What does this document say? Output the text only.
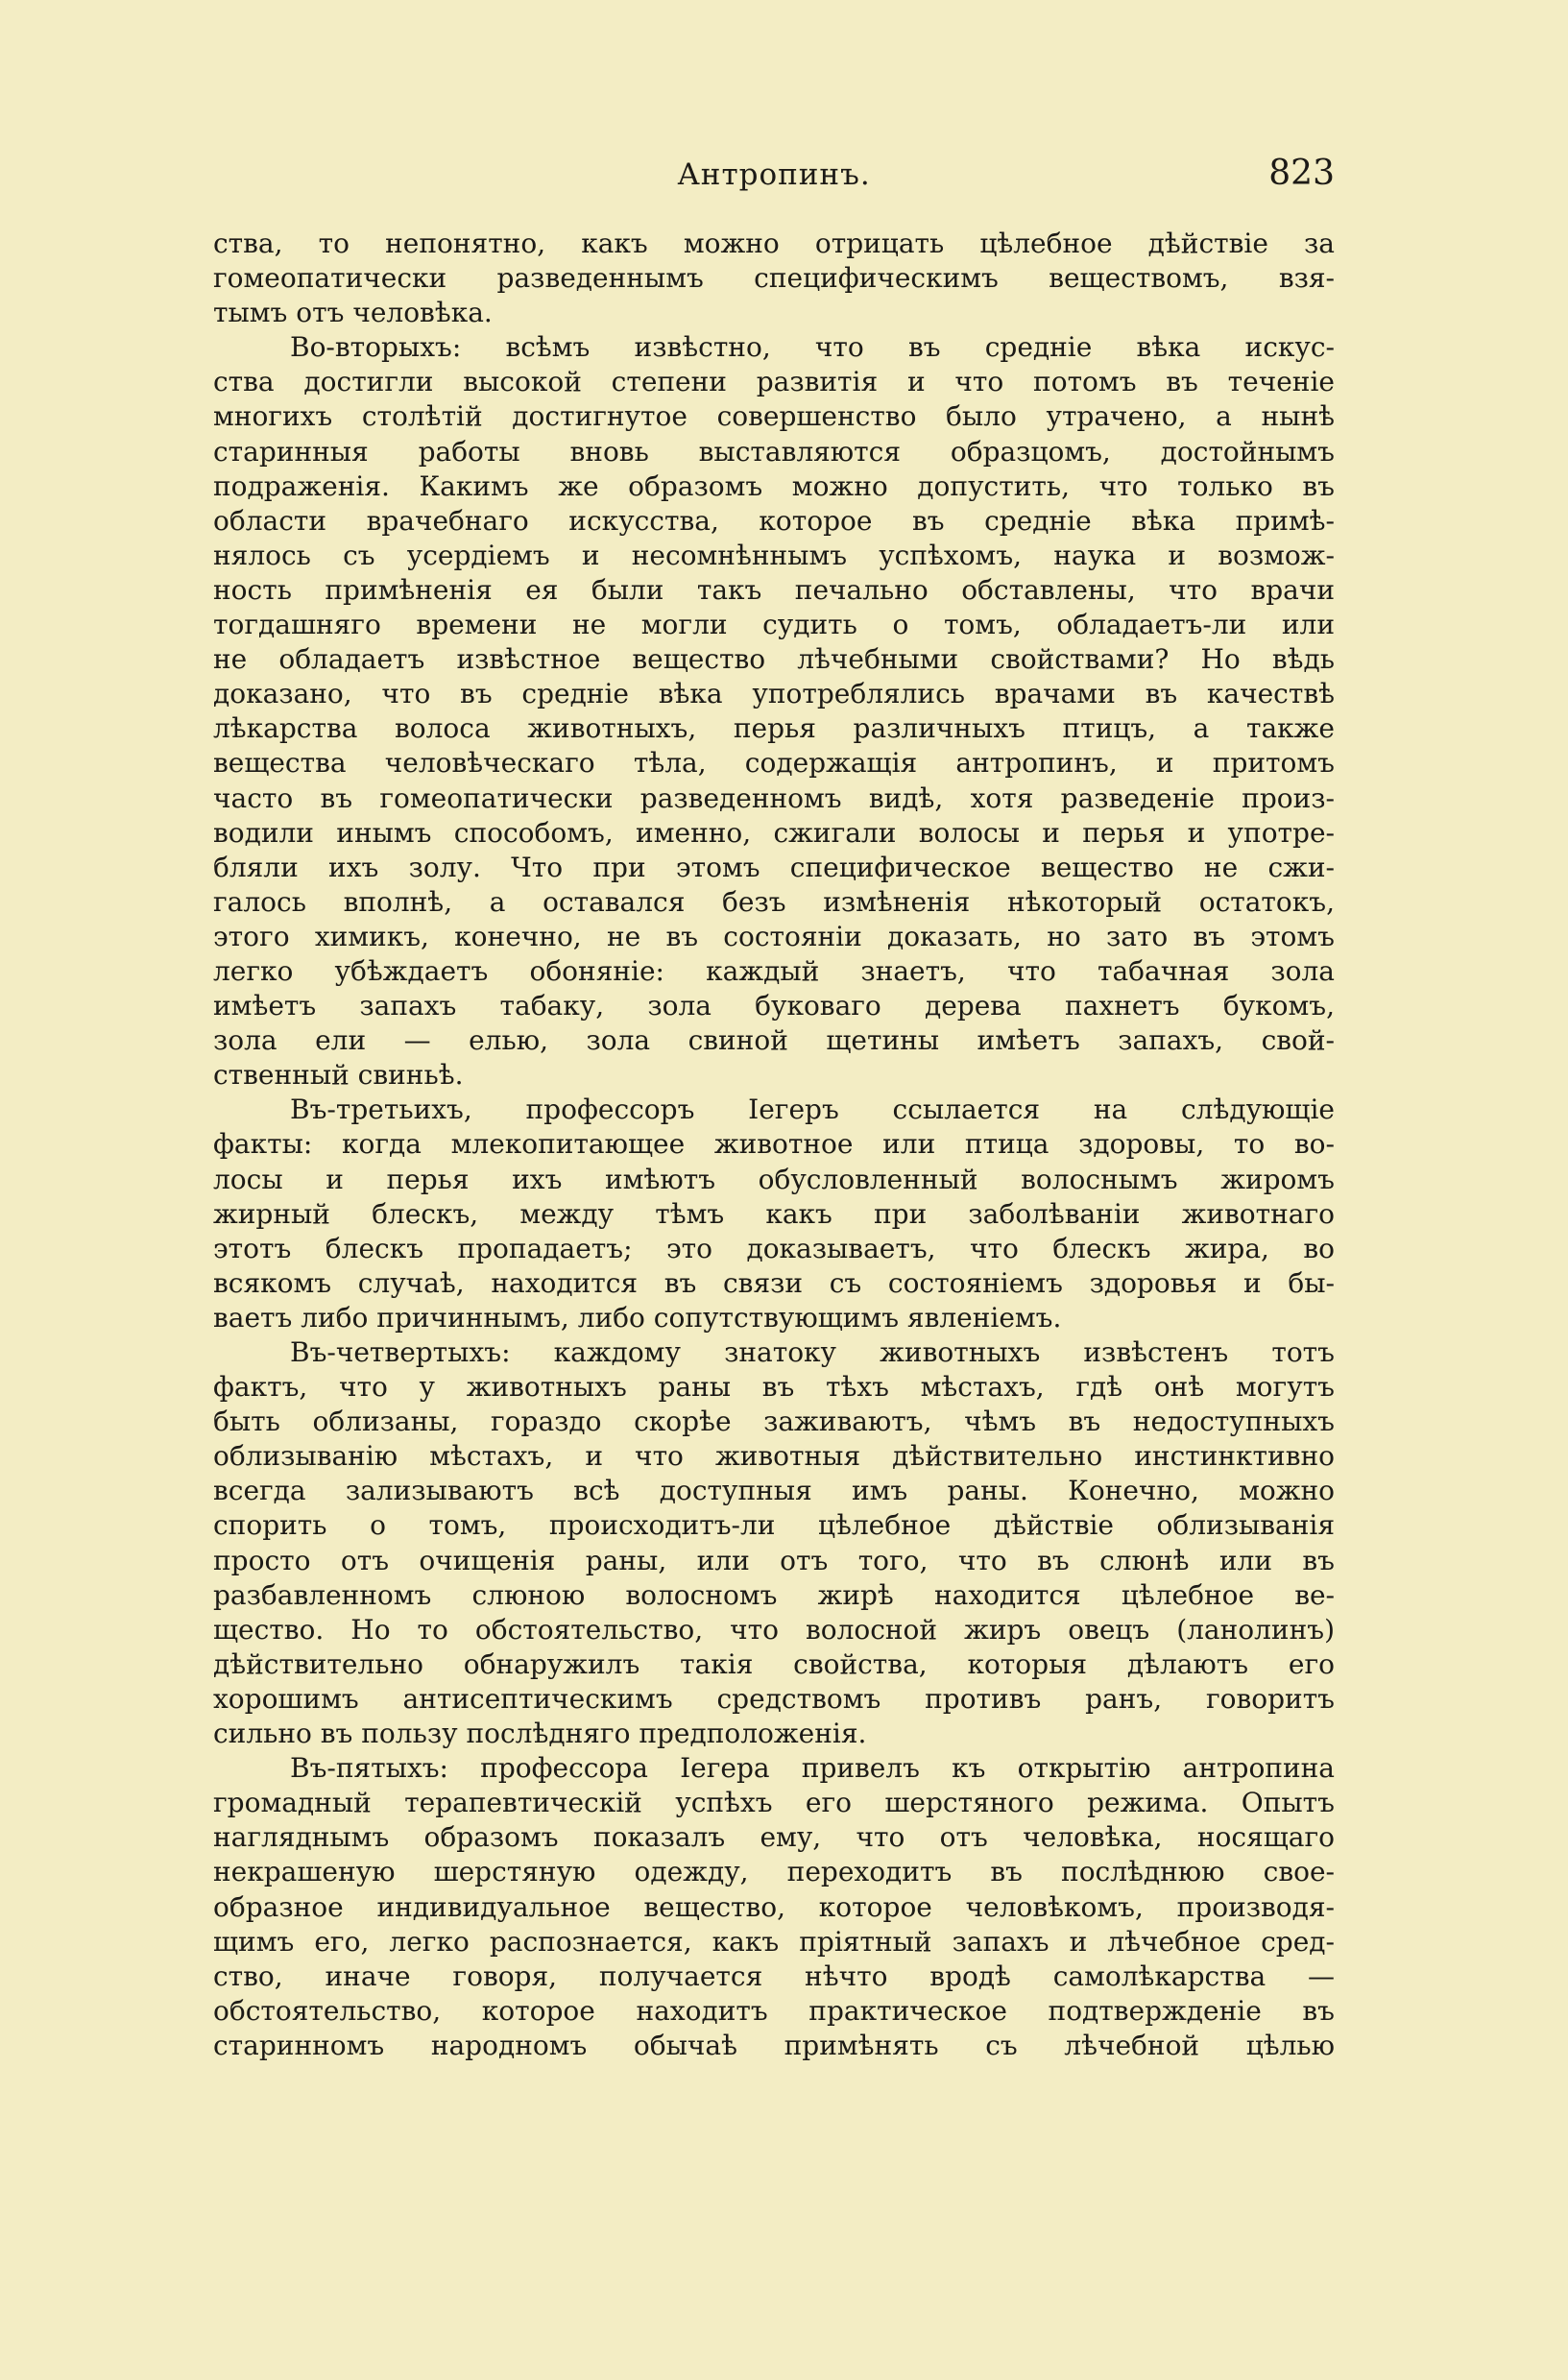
Антропинъ.	823
ства, то непонятно, какъ можно отрицать цѣлебное дѣйствіе за
гомеопатически разведеннымъ специфическимъ веществомъ, взя-
тымъ отъ человѣка.
Во-вторыхъ: всѣмъ извѣстно, что въ средніе вѣка искус-
ства достигли высокой степени развитія и что потомъ въ теченіе
многихъ столѣтій достигнутое совершенство было утрачено, а нынѣ
старинныя работы вновь выставляются образцомъ, достойнымъ
подраженія. Какимъ же образомъ можно допустить, что только въ
области врачебнаго искусства, которое въ средніе вѣка примѣ-
нялось съ усердіемъ и несомнѣннымъ успѣхомъ, наука и возмож-
ность примѣненія ея были такъ печально обставлены, что врачи
тогдашняго времени не могли судить о томъ, обладаетъ-ли или
не обладаетъ извѣстное вещество лѣчебными свойствами? Но вѣдь
доказано, что въ средніе вѣка употреблялись врачами въ качествѣ
лѣкарства волоса животныхъ, перья различныхъ птицъ, а также
вещества человѣческаго тѣла, содержащія антропинъ, и притомъ
часто въ гомеопатически разведенномъ видѣ, хотя разведеніе произ-
водили инымъ способомъ, именно, сжигали волосы и перья и употре-
бляли ихъ золу. Что при этомъ специфическое вещество не сжи-
галось вполнѣ, а оставался безъ измѣненія нѣкоторый остатокъ,
этого химикъ, конечно, не въ состояніи доказать, но зато въ этомъ
легко убѣждаетъ обоняніе: каждый знаетъ, что табачная зола
имѣетъ запахъ табаку, зола буковаго дерева пахнетъ букомъ,
зола ели — елью, зола свиной щетины имѣетъ запахъ, свой-
ственный свиньѣ.
Въ-третьихъ, профессоръ Іегеръ ссылается на слѣдующіе
факты: когда млекопитающее животное или птица здоровы, то во-
лосы и перья ихъ имѣютъ обусловленный волоснымъ жиромъ
жирный блескъ, между тѣмъ какъ при заболѣваніи животнаго
этотъ блескъ пропадаетъ; это доказываетъ, что блескъ жира, во
всякомъ случаѣ, находится въ связи съ состояніемъ здоровья и бы-
ваетъ либо причиннымъ, либо сопутствующимъ явленіемъ.
Въ-четвертыхъ: каждому знатоку животныхъ извѣстенъ тотъ
фактъ, что у животныхъ раны въ тѣхъ мѣстахъ, гдѣ онѣ могутъ
быть облизаны, гораздо скорѣе заживаютъ, чѣмъ въ недоступныхъ
облизыванію мѣстахъ, и что животныя дѣйствительно инстинктивно
всегда зализываютъ всѣ доступныя имъ раны. Конечно, можно
спорить о томъ, происходитъ-ли цѣлебное дѣйствіе облизыванія
просто отъ очищенія раны, или отъ того, что въ слюнѣ или въ
разбавленномъ слюною волосномъ жирѣ находится цѣлебное ве-
щество. Но то обстоятельство, что волосной жиръ овецъ (ланолинъ)
дѣйствительно обнаружилъ такія свойства, которыя дѣлаютъ его
хорошимъ антисептическимъ средствомъ противъ ранъ, говоритъ
сильно въ пользу послѣдняго предположенія.
Въ-пятыхъ: профессора Іегера привелъ къ открытію антропина
громадный терапевтическій успѣхъ его шерстяного режима. Опытъ
нагляднымъ образомъ показалъ ему, что отъ человѣка, носящаго
некрашеную шерстяную одежду, переходитъ въ послѣднюю свое-
образное индивидуальное вещество, которое человѣкомъ, производя-
щимъ его, легко распознается, какъ пріятный запахъ и лѣчебное сред-
ство, иначе говоря, получается нѣчто вродѣ самолѣкарства —
обстоятельство, которое находитъ практическое подтвержденіе въ
старинномъ народномъ обычаѣ примѣнять съ лѣчебной цѣлью
